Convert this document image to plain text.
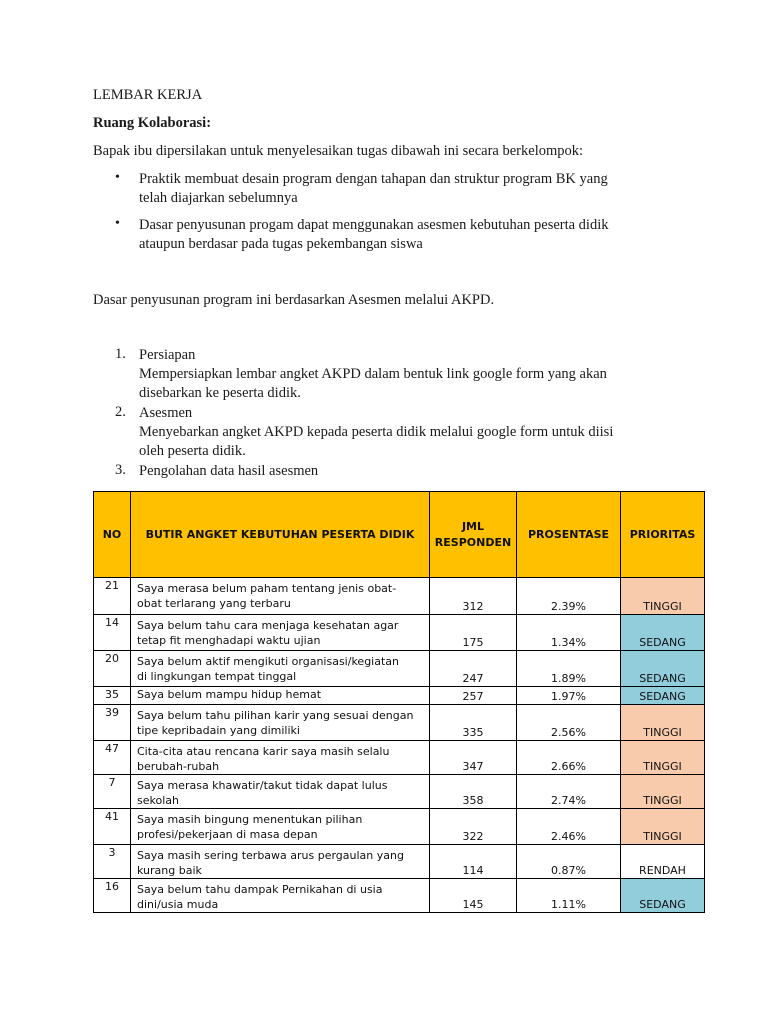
LEMBAR KERJA
Ruang Kolaborasi:
Bapak ibu dipersilakan untuk menyelesaikan tugas dibawah ini secara berkelompok:
• Praktik membuat desain program dengan tahapan dan struktur program BK yang
telah diajarkan sebelumnya
• Dasar penyusunan progam dapat menggunakan asesmen kebutuhan peserta didik
ataupun berdasar pada tugas pekembangan siswa
Dasar penyusunan program ini berdasarkan Asesmen melalui AKPD.
1. Persiapan
Mempersiapkan lembar angket AKPD dalam bentuk link google form yang akan
disebarkan ke peserta didik.
2. Asesmen
Menyebarkan angket AKPD kepada peserta didik melalui google form untuk diisi
oleh peserta didik.
3. Pengolahan data hasil asesmen
NO	BUTIR ANGKET KEBUTUHAN PESERTA DIDIK	JML
RESPONDEN	PROSENTASE	PRIORITAS
21	Saya merasa belum paham tentang jenis obat-
obat terlarang yang terbaru	312	2.39%	TINGGI
14	Saya belum tahu cara menjaga kesehatan agar
tetap fit menghadapi waktu ujian	175	1.34%	SEDANG
20	Saya belum aktif mengikuti organisasi/kegiatan
di lingkungan tempat tinggal	247	1.89%	SEDANG
35	Saya belum mampu hidup hemat	257	1.97%	SEDANG
39	Saya belum tahu pilihan karir yang sesuai dengan
tipe kepribadain yang dimiliki	335	2.56%	TINGGI
47	Cita-cita atau rencana karir saya masih selalu
berubah-rubah	347	2.66%	TINGGI
7	Saya merasa khawatir/takut tidak dapat lulus
sekolah	358	2.74%	TINGGI
41	Saya masih bingung menentukan pilihan
profesi/pekerjaan di masa depan	322	2.46%	TINGGI
3	Saya masih sering terbawa arus pergaulan yang
kurang baik	114	0.87%	RENDAH
16	Saya belum tahu dampak Pernikahan di usia
dini/usia muda	145	1.11%	SEDANG
